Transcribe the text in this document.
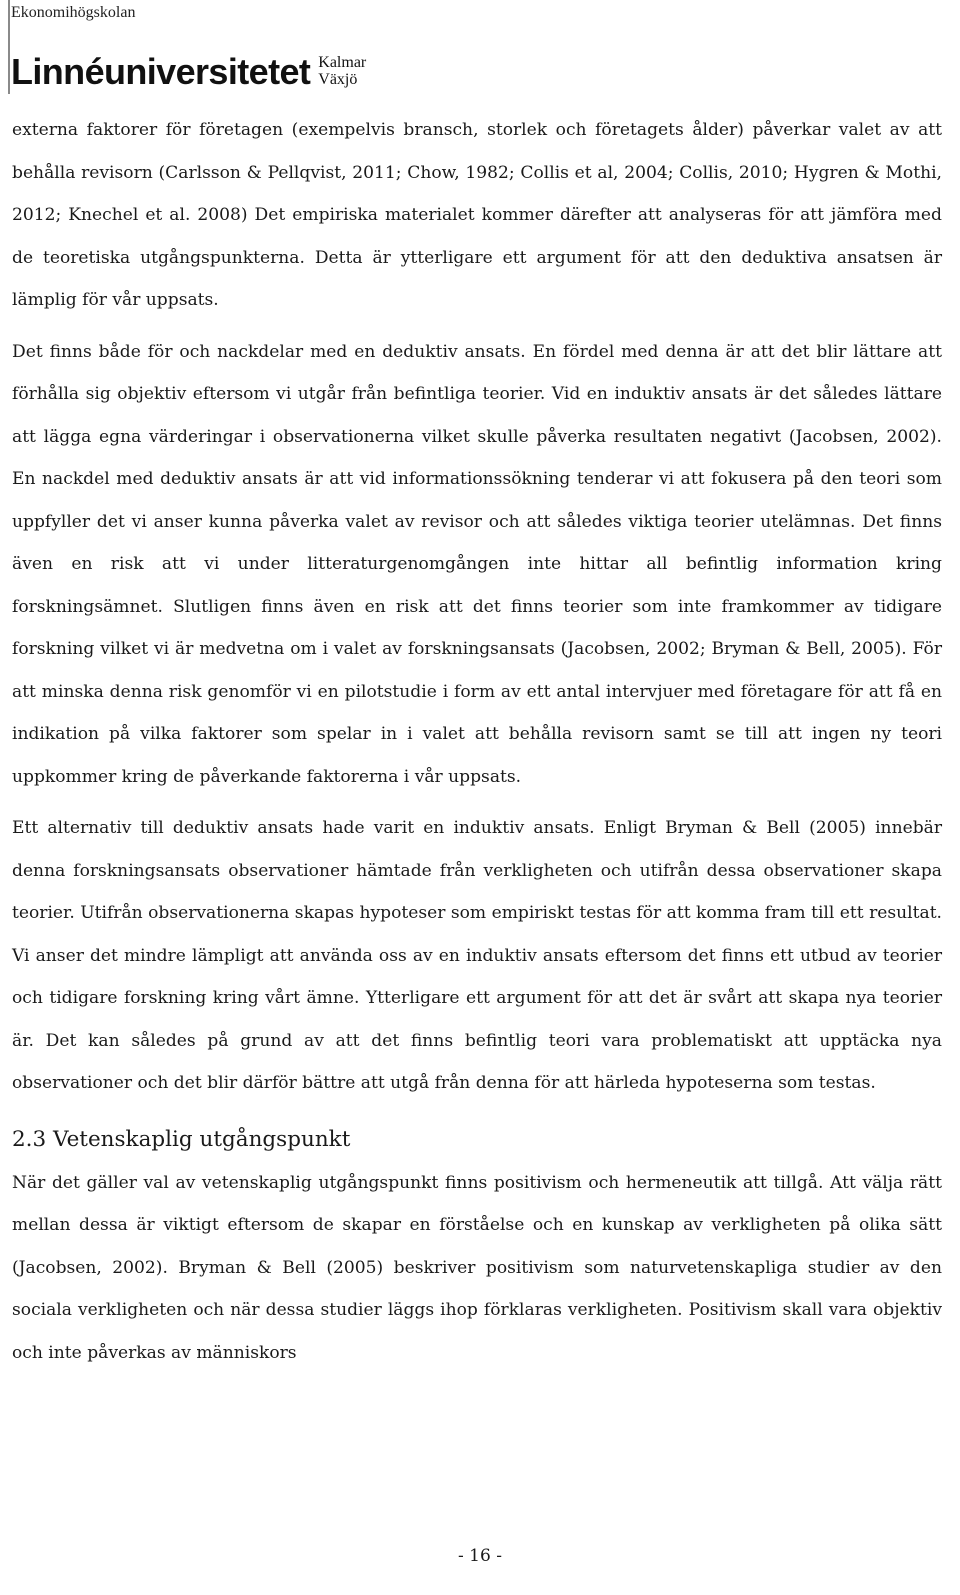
Ekonomihögskolan
Linnéuniversitetet Kalmar
Växjö

externa faktorer för företagen (exempelvis bransch, storlek och företagets ålder) påverkar valet av att behålla revisorn (Carlsson & Pellqvist, 2011; Chow, 1982; Collis et al, 2004; Collis, 2010; Hygren & Mothi, 2012; Knechel et al. 2008) Det empiriska materialet kommer därefter att analyseras för att jämföra med de teoretiska utgångspunkterna. Detta är ytterligare ett argument för att den deduktiva ansatsen är lämplig för vår uppsats.

Det finns både för och nackdelar med en deduktiv ansats. En fördel med denna är att det blir lättare att förhålla sig objektiv eftersom vi utgår från befintliga teorier. Vid en induktiv ansats är det således lättare att lägga egna värderingar i observationerna vilket skulle påverka resultaten negativt (Jacobsen, 2002). En nackdel med deduktiv ansats är att vid informationssökning tenderar vi att fokusera på den teori som uppfyller det vi anser kunna påverka valet av revisor och att således viktiga teorier utelämnas. Det finns även en risk att vi under litteraturgenomgången inte hittar all befintlig information kring forskningsämnet. Slutligen finns även en risk att det finns teorier som inte framkommer av tidigare forskning vilket vi är medvetna om i valet av forskningsansats (Jacobsen, 2002; Bryman & Bell, 2005). För att minska denna risk genomför vi en pilotstudie i form av ett antal intervjuer med företagare för att få en indikation på vilka faktorer som spelar in i valet att behålla revisorn samt se till att ingen ny teori uppkommer kring de påverkande faktorerna i vår uppsats.

Ett alternativ till deduktiv ansats hade varit en induktiv ansats. Enligt Bryman & Bell (2005) innebär denna forskningsansats observationer hämtade från verkligheten och utifrån dessa observationer skapa teorier. Utifrån observationerna skapas hypoteser som empiriskt testas för att komma fram till ett resultat. Vi anser det mindre lämpligt att använda oss av en induktiv ansats eftersom det finns ett utbud av teorier och tidigare forskning kring vårt ämne. Ytterligare ett argument för att det är svårt att skapa nya teorier är. Det kan således på grund av att det finns befintlig teori vara problematiskt att upptäcka nya observationer och det blir därför bättre att utgå från denna för att härleda hypoteserna som testas.

2.3 Vetenskaplig utgångspunkt

När det gäller val av vetenskaplig utgångspunkt finns positivism och hermeneutik att tillgå. Att välja rätt mellan dessa är viktigt eftersom de skapar en förståelse och en kunskap av verkligheten på olika sätt (Jacobsen, 2002). Bryman & Bell (2005) beskriver positivism som naturvetenskapliga studier av den sociala verkligheten och när dessa studier läggs ihop förklaras verkligheten. Positivism skall vara objektiv och inte påverkas av människors

- 16 -
